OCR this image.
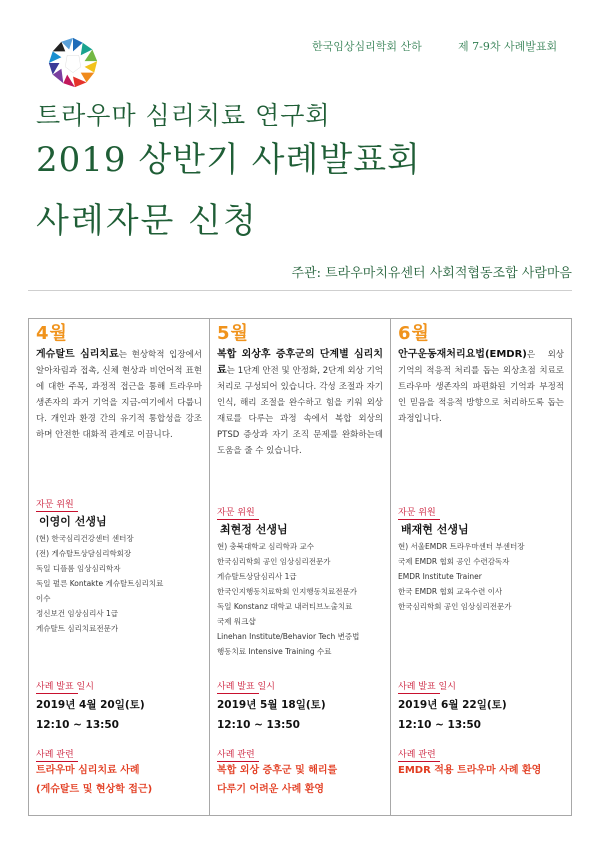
한국임상심리학회 산하	제 7-9차 사례발표회
트라우마 심리치료 연구회
2019 상반기 사례발표회
사례자문 신청
주관: 트라우마치유센터 사회적협동조합 사람마음
4월
게슈탈트 심리치료는 현상학적 입장에서 알아차림과 접촉, 신체 현상과 비언어적 표현에 대한 주목, 과정적 접근을 통해 트라우마 생존자의 과거 기억을 지금-여기에서 다룹니다. 개인과 환경 간의 유기적 통합성을 강조하며 안전한 대화적 관계로 이끕니다.
자문 위원
이영이 선생님
(현) 한국심리건강센터 센터장
(전) 게슈탈트상담심리학회장
독일 디플롬 임상심리학자
독일 펄른 Kontakte 게슈탈트심리치료
이수
정신보건 임상심리사 1급
게슈탈트 심리치료전문가
사례 발표 일시
2019년 4월 20일(토)
12:10 ~ 13:50
사례 관련
트라우마 심리치료 사례
(게슈탈트 및 현상학 접근)
5월
복합 외상후 증후군의 단계별 심리치료는 1단계 안전 및 안정화, 2단계 외상 기억 처리로 구성되어 있습니다. 각성 조절과 자기 인식, 해리 조절을 완수하고 힘을 키워 외상 재료를 다루는 과정 속에서 복합 외상의 PTSD 증상과 자기 조직 문제를 완화하는데 도움을 줄 수 있습니다.
자문 위원
최현정 선생님
현) 충북대학교 심리학과 교수
한국심리학회 공인 임상심리전문가
게슈탈트상담심리사 1급
한국인지행동치료학회 인지행동치료전문가
독일 Konstanz 대학교 내러티브노출치료
국제 워크샵
Linehan Institute/Behavior Tech 변증법
행동치료 Intensive Training 수료
사례 발표 일시
2019년 5월 18일(토)
12:10 ~ 13:50
사례 관련
복합 외상 증후군 및 해리를
다루기 어려운 사례 환영
6월
안구운동재처리요법(EMDR)은 외상 기억의 적응적 처리를 돕는 외상초점 치료로 트라우마 생존자의 파편화된 기억과 부정적인 믿음을 적응적 방향으로 처리하도록 돕는 과정입니다.
자문 위원
배재현 선생님
현) 서울EMDR 트라우마센터 부센터장
국제 EMDR 협회 공인 수련감독자
EMDR Institute Trainer
한국 EMDR 협회 교육수련 이사
한국심리학회 공인 임상심리전문가
사례 발표 일시
2019년 6월 22일(토)
12:10 ~ 13:50
사례 관련
EMDR 적용 트라우마 사례 환영
